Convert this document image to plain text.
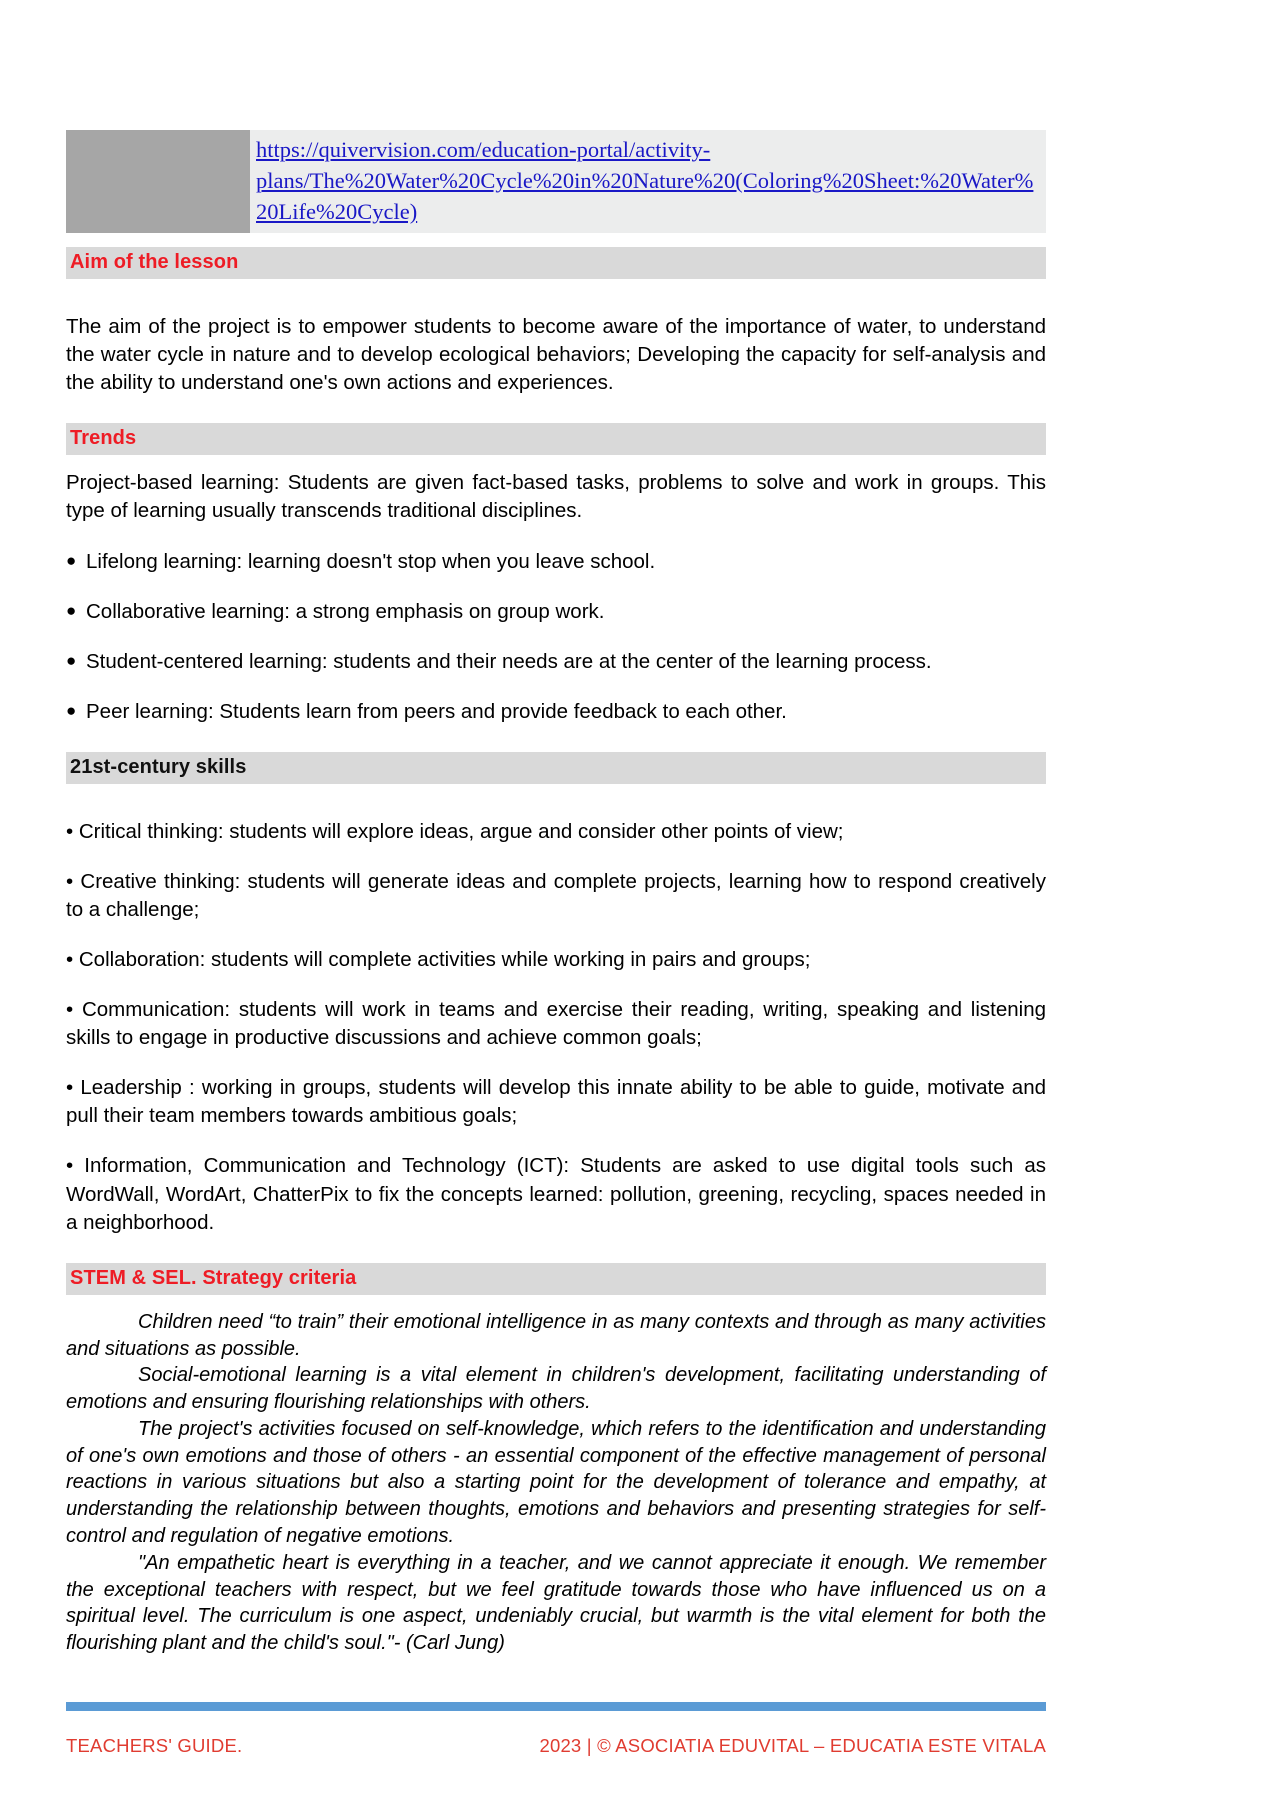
https://quivervision.com/education-portal/activity-plans/The%20Water%20Cycle%20in%20Nature%20(Coloring%20Sheet:%20Water%20Life%20Cycle)
Aim of the lesson

The aim of the project is to empower students to become aware of the importance of water, to understand the water cycle in nature and to develop ecological behaviors; Developing the capacity for self-analysis and the ability to understand one's own actions and experiences.

Trends

Project-based learning: Students are given fact-based tasks, problems to solve and work in groups. This type of learning usually transcends traditional disciplines.

● Lifelong learning: learning doesn't stop when you leave school.
● Collaborative learning: a strong emphasis on group work.
● Student-centered learning: students and their needs are at the center of the learning process.
● Peer learning: Students learn from peers and provide feedback to each other.
21st-century skills

• Critical thinking: students will explore ideas, argue and consider other points of view;

• Creative thinking: students will generate ideas and complete projects, learning how to respond creatively to a challenge;

• Collaboration: students will complete activities while working in pairs and groups;

• Communication: students will work in teams and exercise their reading, writing, speaking and listening skills to engage in productive discussions and achieve common goals;

• Leadership : working in groups, students will develop this innate ability to be able to guide, motivate and pull their team members towards ambitious goals;

• Information, Communication and Technology (ICT): Students are asked to use digital tools such as WordWall, WordArt, ChatterPix to fix the concepts learned: pollution, greening, recycling, spaces needed in a neighborhood.

STEM & SEL. Strategy criteria

Children need “to train” their emotional intelligence in as many contexts and through as many activities and situations as possible.

Social-emotional learning is a vital element in children's development, facilitating understanding of emotions and ensuring flourishing relationships with others.

The project's activities focused on self-knowledge, which refers to the identification and understanding of one's own emotions and those of others - an essential component of the effective management of personal reactions in various situations but also a starting point for the development of tolerance and empathy, at understanding the relationship between thoughts, emotions and behaviors and presenting strategies for self-control and regulation of negative emotions.

"An empathetic heart is everything in a teacher, and we cannot appreciate it enough. We remember the exceptional teachers with respect, but we feel gratitude towards those who have influenced us on a spiritual level. The curriculum is one aspect, undeniably crucial, but warmth is the vital element for both the flourishing plant and the child's soul."- (Carl Jung)

TEACHERS' GUIDE.	2023 | © ASOCIATIA EDUVITAL – EDUCATIA ESTE VITALA
